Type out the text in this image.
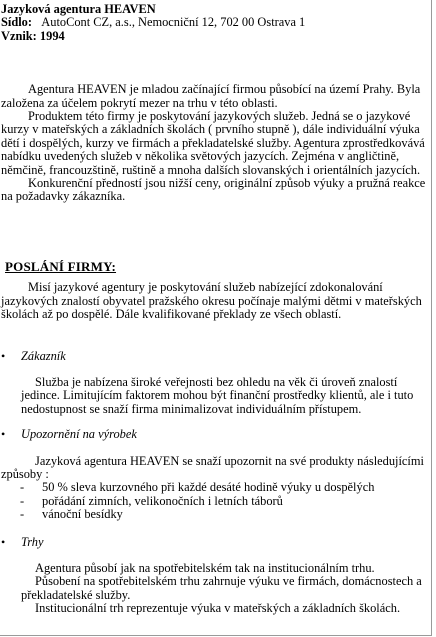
Jazyková agentura HEAVEN
Sídlo: AutoCont CZ, a.s., Nemocniční 12, 702 00 Ostrava 1
Vznik: 1994

Agentura HEAVEN je mladou začínající firmou působící na území Prahy. Byla založena za účelem pokrytí mezer na trhu v této oblasti.

Produktem této firmy je poskytování jazykových služeb. Jedná se o jazykové kurzy v mateřských a základních školách ( prvního stupně ), dále individuální výuka dětí i dospělých, kurzy ve firmách a překladatelské služby. Agentura zprostředkovává nabídku uvedených služeb v několika světových jazycích. Zejména v angličtině, němčině, francouzštině, ruštině a mnoha dalších slovanských i orientálních jazycích.

Konkurenční předností jsou nižší ceny, originální způsob výuky a pružná reakce na požadavky zákazníka.

POSLÁNÍ FIRMY:

Misí jazykové agentury je poskytování služeb nabízející zdokonalování jazykových znalostí obyvatel pražského okresu počínaje malými dětmi v mateřských školách až po dospělé. Dále kvalifikované překlady ze všech oblastí.

•	Zákazník

Služba je nabízena široké veřejnosti bez ohledu na věk či úroveň znalostí jedince. Limitujícím faktorem mohou být finanční prostředky klientů, ale i tuto nedostupnost se snaží firma minimalizovat individuálním přístupem.

•	Upozornění na výrobek

Jazyková agentura HEAVEN se snaží upozornit na své produkty následujícími způsoby :

-	50 % sleva kurzovného při každé desáté hodině výuky u dospělých
-	pořádání zimních, velikonočních i letních táborů
-	vánoční besídky
•	Trhy

Agentura působí jak na spotřebitelském tak na institucionálním trhu.

Působení na spotřebitelském trhu zahrnuje výuku ve firmách, domácnostech a překladatelské služby.

Institucionální trh reprezentuje výuka v mateřských a základních školách.
